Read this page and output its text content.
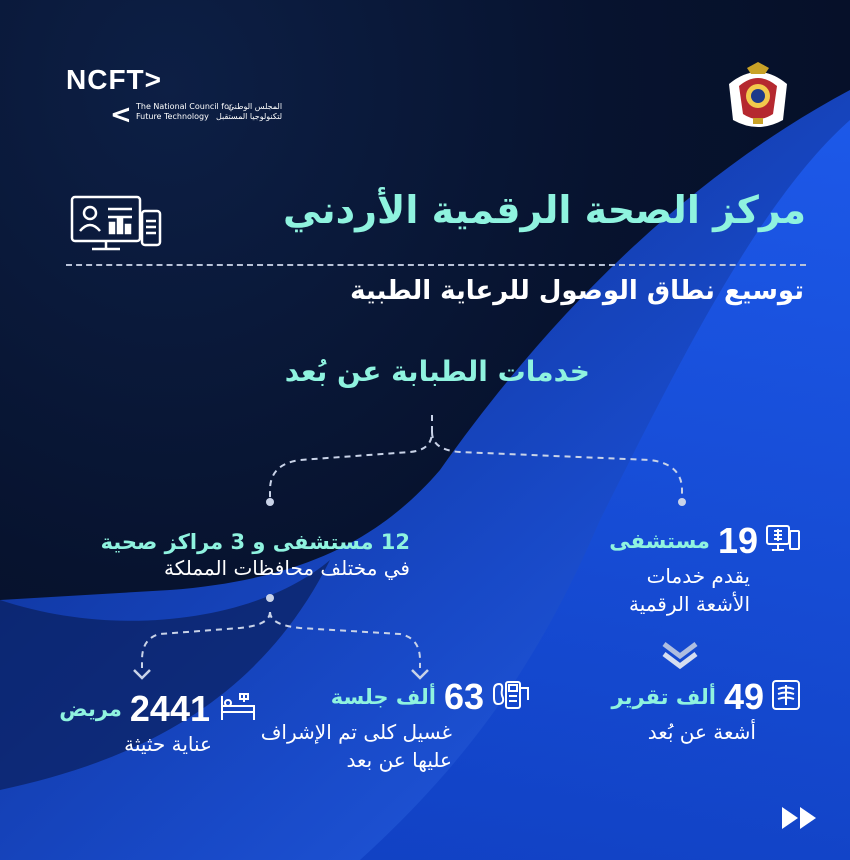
NCFT>
< The National Council for
Future Technology
المجلس الوطني
لتكنولوجيا المستقبل
مركز الصحة الرقمية الأردني
توسيع نطاق الوصول للرعاية الطبية
خدمات الطبابة عن بُعد
19
مستشفى
يقدم خدمات
الأشعة الرقمية
12 مستشفى و 3 مراكز صحية
في مختلف محافظات المملكة
49
ألف تقرير
أشعة عن بُعد
63
ألف جلسة
غسيل كلى تم الإشراف
عليها عن بعد
2441
مريض
عناية حثيثة
